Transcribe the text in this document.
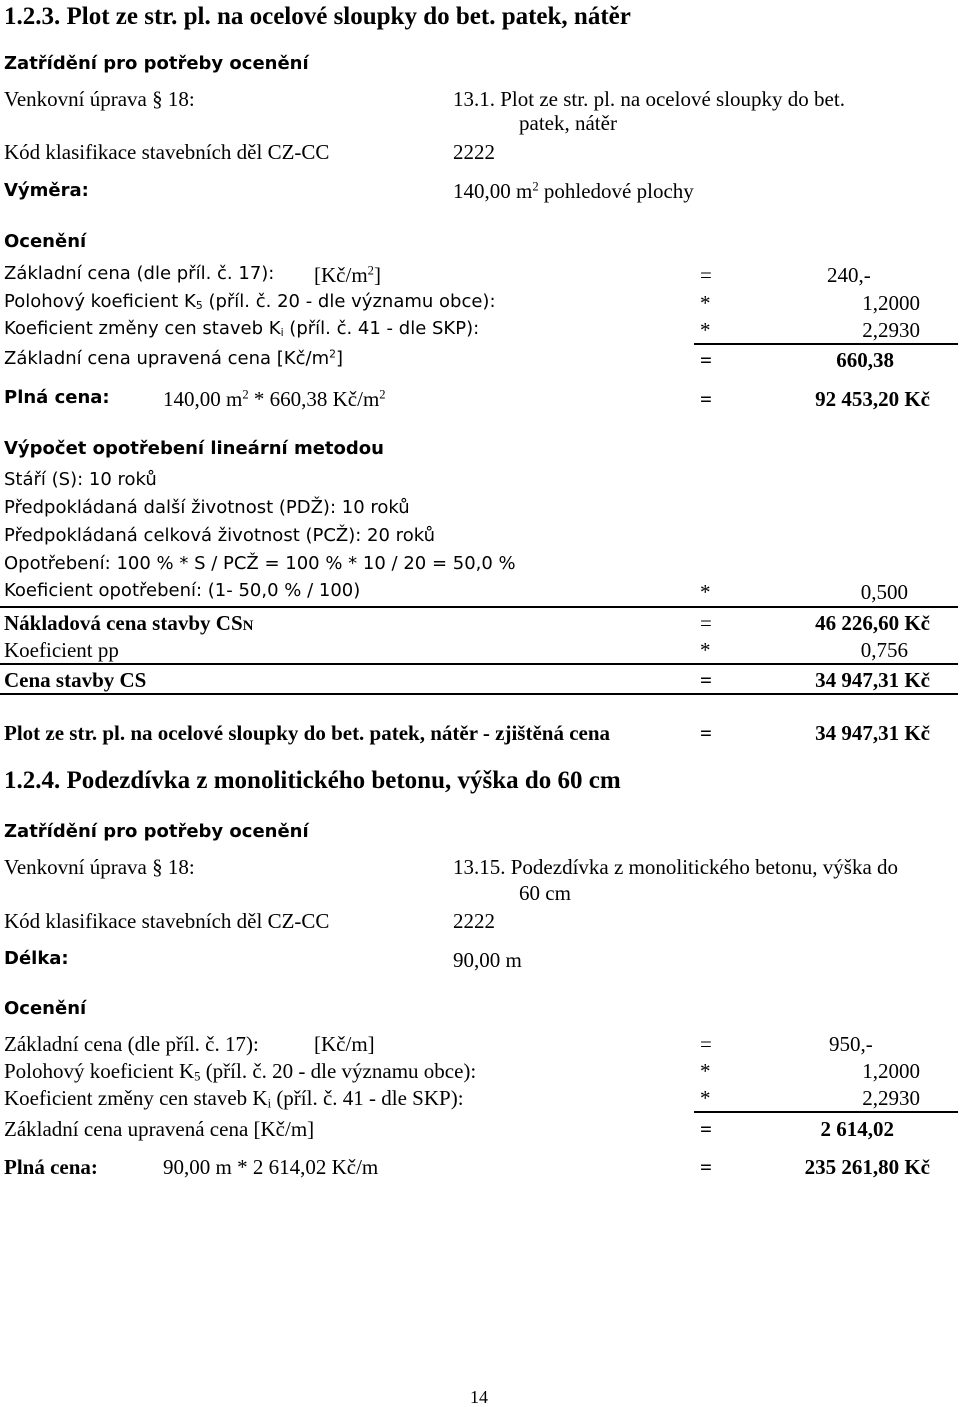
1.2.3. Plot ze str. pl. na ocelové sloupky do bet. patek, nátěr
Zatřídění pro potřeby ocenění
Venkovní úprava § 18:	13.1. Plot ze str. pl. na ocelové sloupky do bet.
patek, nátěr
Kód klasifikace stavebních děl CZ-CC	2222
Výměra:	140,00 $m^2$ pohledové plochy
Ocenění
Základní cena (dle příl. č. 17): $[Kč/m^2]$	=	240,-
Polohový koeficient $K_5$ (příl. č. 20 - dle významu obce):	*	1,2000
Koeficient změny cen staveb $K_i$ (příl. č. 41 - dle SKP):	*	2,2930
Základní cena upravená cena $[Kč/m^2]$	=	660,38
Plná cena:	140,00 $m^2 * 660,38$ $Kč/m^2$	=	92 453,20 Kč
Výpočet opotřebení lineární metodou
Stáří (S): 10 roků
Předpokládaná další životnost (PDŽ): 10 roků
Předpokládaná celková životnost (PCŽ): 20 roků
Opotřebení: 100 % * S / PCŽ = 100 % * 10 / 20 = 50,0 %
Koeficient opotřebení: (1- 50,0 % / 100)	*	0,500
Nákladová cena stavby CSN	=	46 226,60 Kč
Koeficient pp	*	0,756
Cena stavby CS	=	34 947,31 Kč
Plot ze str. pl. na ocelové sloupky do bet. patek, nátěr - zjištěná cena	=	34 947,31 Kč
1.2.4. Podezdívka z monolitického betonu, výška do 60 cm
Zatřídění pro potřeby ocenění
Venkovní úprava § 18:	13.15. Podezdívka z monolitického betonu, výška do
60 cm
Kód klasifikace stavebních děl CZ-CC	2222
Délka:	90,00 m
Ocenění
Základní cena (dle příl. č. 17):	[Kč/m]	=	950,-
Polohový koeficient $K_5$ (příl. č. 20 - dle významu obce):	*	1,2000
Koeficient změny cen staveb $K_i$ (příl. č. 41 - dle SKP):	*	2,2930
Základní cena upravená cena [Kč/m]	=	2 614,02
Plná cena:	90,00 m * 2 614,02 Kč/m	=	235 261,80 Kč
14
